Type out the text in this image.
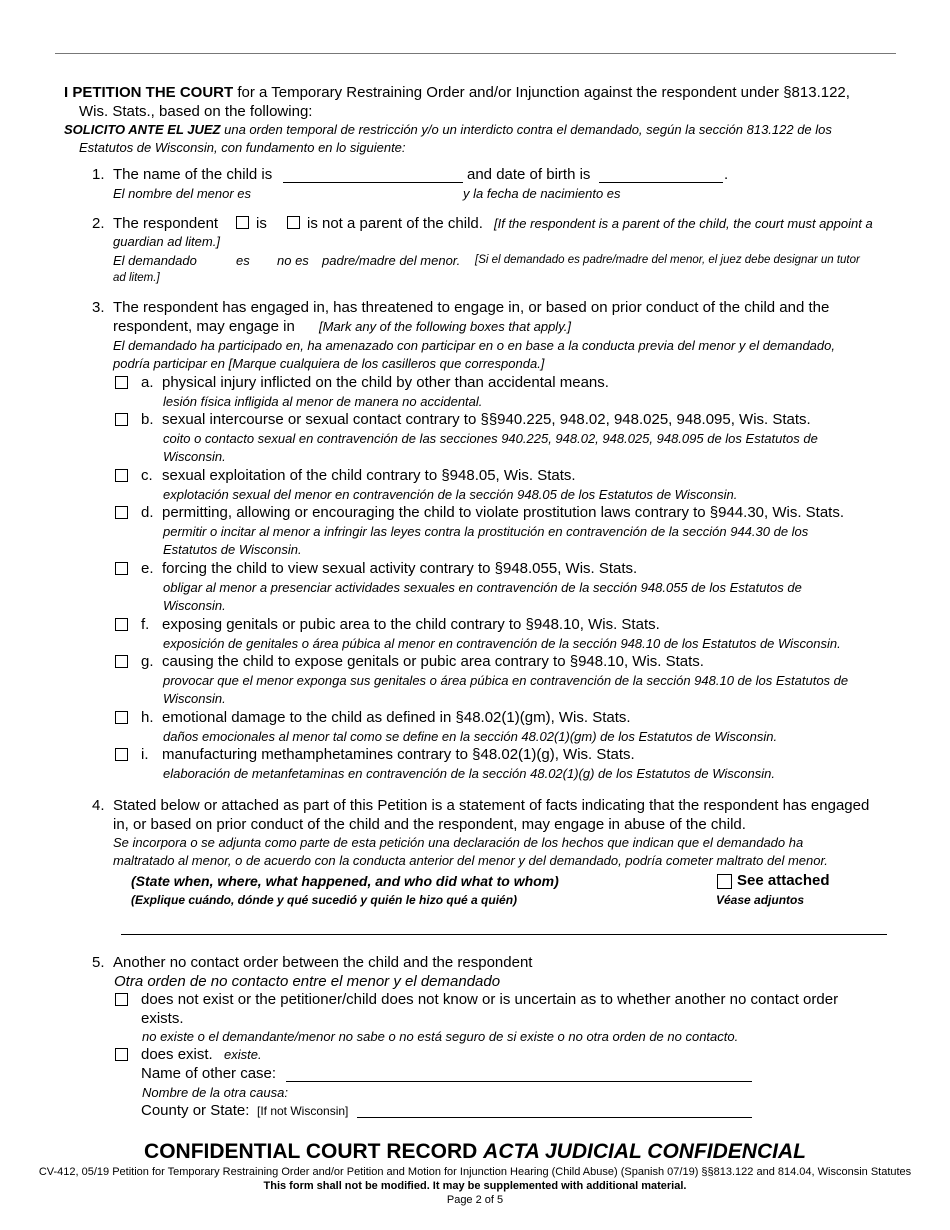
I PETITION THE COURT for a Temporary Restraining Order and/or Injunction against the respondent under §813.122,
Wis. Stats., based on the following:
SOLICITO ANTE EL JUEZ una orden temporal de restricción y/o un interdicto contra el demandado, según la sección 813.122 de los
Estatutos de Wisconsin, con fundamento en lo siguiente:
1. The name of the child is	and date of birth is	.
El nombre del menor es	y la fecha de nacimiento es
2. The respondent	is	is not a parent of the child. [If the respondent is a parent of the child, the court must appoint a
guardian ad litem.]
El demandado	es no es padre/madre del menor. [Si el demandado es padre/madre del menor, el juez debe designar un tutor
ad litem.]
3. The respondent has engaged in, has threatened to engage in, or based on prior conduct of the child and the
respondent, may engage in [Mark any of the following boxes that apply.]
El demandado ha participado en, ha amenazado con participar en o en base a la conducta previa del menor y el demandado,
podría participar en [Marque cualquiera de los casilleros que corresponda.]
a. physical injury inflicted on the child by other than accidental means.
lesión física infligida al menor de manera no accidental.
b. sexual intercourse or sexual contact contrary to §§940.225, 948.02, 948.025, 948.095, Wis. Stats.
coito o contacto sexual en contravención de las secciones 940.225, 948.02, 948.025, 948.095 de los Estatutos de
Wisconsin.
c. sexual exploitation of the child contrary to §948.05, Wis. Stats.
explotación sexual del menor en contravención de la sección 948.05 de los Estatutos de Wisconsin.
d. permitting, allowing or encouraging the child to violate prostitution laws contrary to §944.30, Wis. Stats.
permitir o incitar al menor a infringir las leyes contra la prostitución en contravención de la sección 944.30 de los
Estatutos de Wisconsin.
e. forcing the child to view sexual activity contrary to §948.055, Wis. Stats.
obligar al menor a presenciar actividades sexuales en contravención de la sección 948.055 de los Estatutos de
Wisconsin.
f. exposing genitals or pubic area to the child contrary to §948.10, Wis. Stats.
exposición de genitales o área púbica al menor en contravención de la sección 948.10 de los Estatutos de Wisconsin.
g. causing the child to expose genitals or pubic area contrary to §948.10, Wis. Stats.
provocar que el menor exponga sus genitales o área púbica en contravención de la sección 948.10 de los Estatutos de
Wisconsin.
h. emotional damage to the child as defined in §48.02(1)(gm), Wis. Stats.
daños emocionales al menor tal como se define en la sección 48.02(1)(gm) de los Estatutos de Wisconsin.
i. manufacturing methamphetamines contrary to §48.02(1)(g), Wis. Stats.
elaboración de metanfetaminas en contravención de la sección 48.02(1)(g) de los Estatutos de Wisconsin.
4. Stated below or attached as part of this Petition is a statement of facts indicating that the respondent has engaged
in, or based on prior conduct of the child and the respondent, may engage in abuse of the child.
Se incorpora o se adjunta como parte de esta petición una declaración de los hechos que indican que el demandado ha
maltratado al menor, o de acuerdo con la conducta anterior del menor y del demandado, podría cometer maltrato del menor.
(State when, where, what happened, and who did what to whom)
(Explique cuándo, dónde y qué sucedió y quién le hizo qué a quién)
See attached
Véase adjuntos
5. Another no contact order between the child and the respondent
Otra orden de no contacto entre el menor y el demandado
does not exist or the petitioner/child does not know or is uncertain as to whether another no contact order
exists.
no existe o el demandante/menor no sabe o no está seguro de si existe o no otra orden de no contacto.
does exist. existe.
Name of other case:
Nombre de la otra causa:
County or State: [If not Wisconsin]
CONFIDENTIAL COURT RECORD ACTA JUDICIAL CONFIDENCIAL
CV-412, 05/19 Petition for Temporary Restraining Order and/or Petition and Motion for Injunction Hearing (Child Abuse) (Spanish 07/19) §§813.122 and 814.04, Wisconsin Statutes
This form shall not be modified. It may be supplemented with additional material.
Page 2 of 5
